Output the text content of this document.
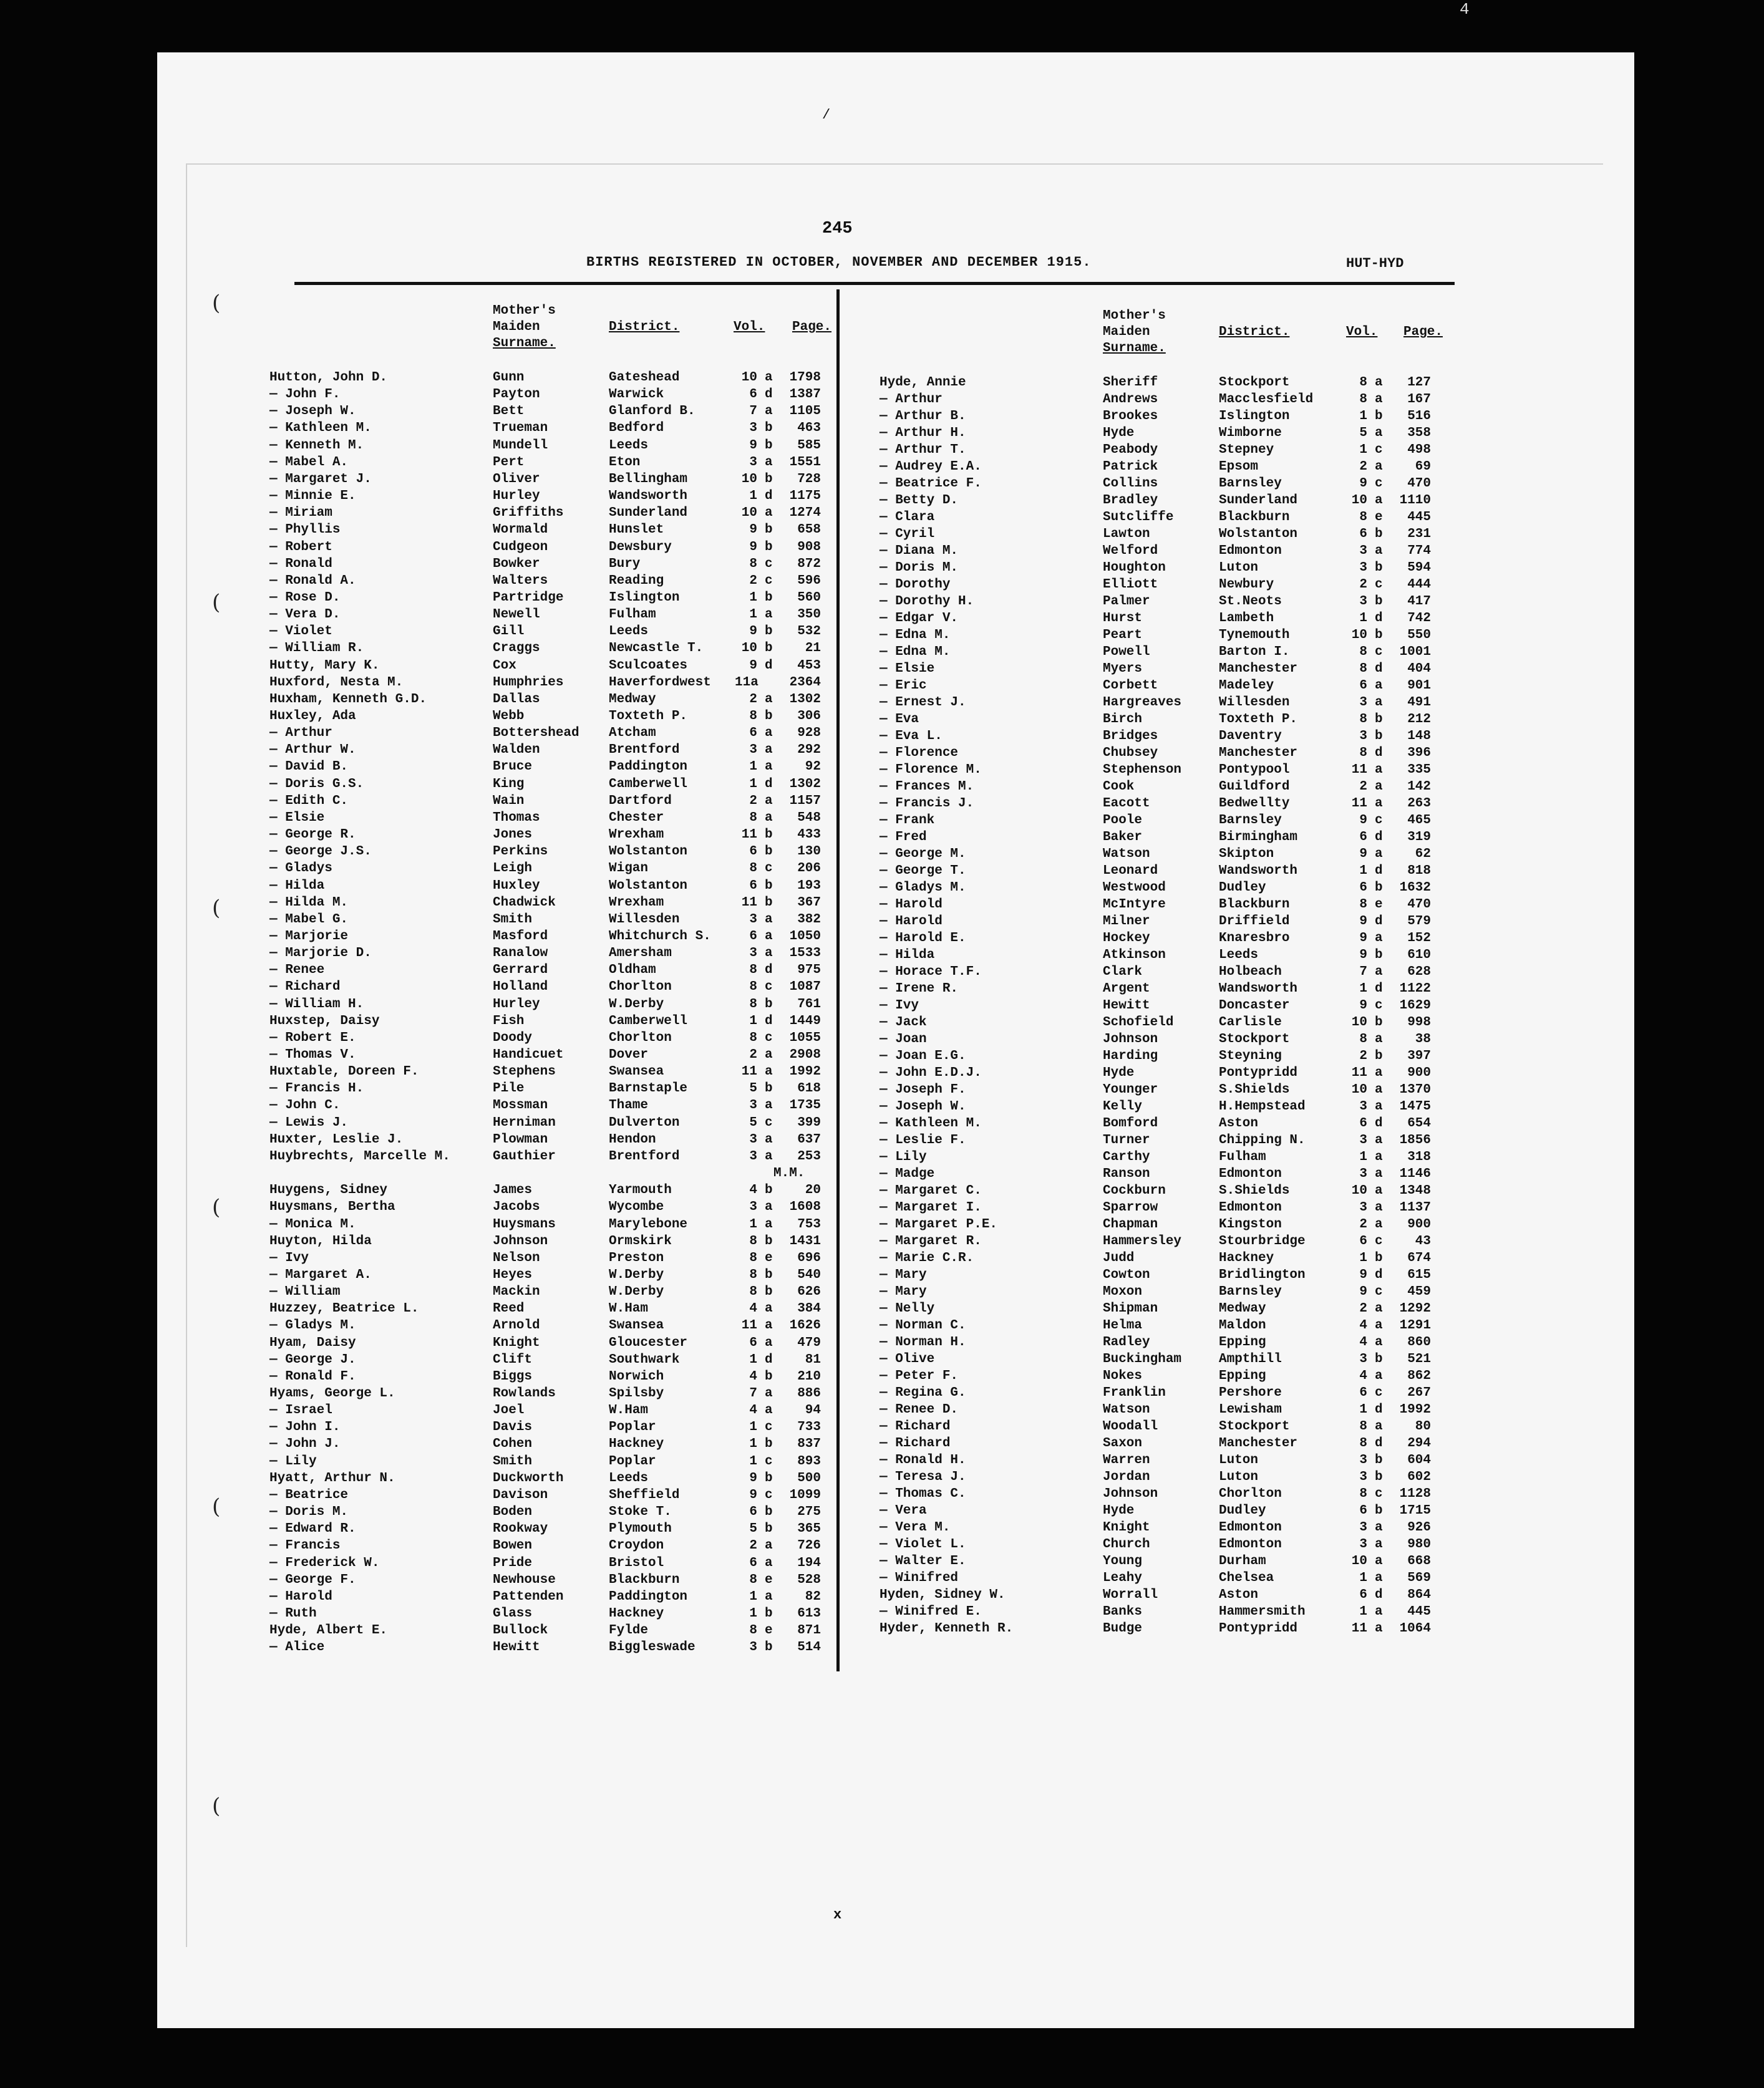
4
/
245
BIRTHS REGISTERED IN OCTOBER, NOVEMBER AND DECEMBER 1915.	HUT-HYD
(
(
(
(
(
(
Mother's
Maiden
Surname.
District.	Vol. Page.
Mother's
Maiden
Surname.
District.	Vol. Page.
Hutton, John D.	Gunn	Gateshead	10 a	1798
— John F.	Payton	Warwick	6 d	1387
— Joseph W.	Bett	Glanford B.	7 a	1105
— Kathleen M.	Trueman	Bedford	3 b	463
— Kenneth M.	Mundell	Leeds	9 b	585
— Mabel A.	Pert	Eton	3 a	1551
— Margaret J.	Oliver	Bellingham	10 b	728
— Minnie E.	Hurley	Wandsworth	1 d	1175
— Miriam	Griffiths	Sunderland	10 a	1274
— Phyllis	Wormald	Hunslet	9 b	658
— Robert	Cudgeon	Dewsbury	9 b	908
— Ronald	Bowker	Bury	8 c	872
— Ronald A.	Walters	Reading	2 c	596
— Rose D.	Partridge	Islington	1 b	560
— Vera D.	Newell	Fulham	1 a	350
— Violet	Gill	Leeds	9 b	532
— William R.	Craggs	Newcastle T.	10 b	21
Hutty, Mary K.	Cox	Sculcoates	9 d	453
Huxford, Nesta M.	Humphries	Haverfordwest 11a	2364
Huxham, Kenneth G.D.	Dallas	Medway	2 a	1302
Huxley, Ada	Webb	Toxteth P.	8 b	306
— Arthur	Bottershead Atcham	6 a	928
— Arthur W.	Walden	Brentford	3 a	292
— David B.	Bruce	Paddington	1 a	92
— Doris G.S.	King	Camberwell	1 d	1302
— Edith C.	Wain	Dartford	2 a	1157
— Elsie	Thomas	Chester	8 a	548
— George R.	Jones	Wrexham	11 b	433
— George J.S.	Perkins	Wolstanton	6 b	130
— Gladys	Leigh	Wigan	8 c	206
— Hilda	Huxley	Wolstanton	6 b	193
— Hilda M.	Chadwick	Wrexham	11 b	367
— Mabel G.	Smith	Willesden	3 a	382
— Marjorie	Masford	Whitchurch S.	6 a	1050
— Marjorie D.	Ranalow	Amersham	3 a	1533
— Renee	Gerrard	Oldham	8 d	975
— Richard	Holland	Chorlton	8 c	1087
— William H.	Hurley	W.Derby	8 b	761
Huxstep, Daisy	Fish	Camberwell	1 d	1449
— Robert E.	Doody	Chorlton	8 c	1055
— Thomas V.	Handicuet	Dover	2 a	2908
Huxtable, Doreen F.	Stephens	Swansea	11 a	1992
— Francis H.	Pile	Barnstaple	5 b	618
— John C.	Mossman	Thame	3 a	1735
— Lewis J.	Herniman	Dulverton	5 c	399
Huxter, Leslie J.	Plowman	Hendon	3 a	637
Huybrechts, Marcelle M.	Gauthier	Brentford	3 a	253
M.M.
Huygens, Sidney	James	Yarmouth	4 b	20
Huysmans, Bertha	Jacobs	Wycombe	3 a	1608
— Monica M.	Huysmans	Marylebone	1 a	753
Huyton, Hilda	Johnson	Ormskirk	8 b	1431
— Ivy	Nelson	Preston	8 e	696
— Margaret A.	Heyes	W.Derby	8 b	540
— William	Mackin	W.Derby	8 b	626
Huzzey, Beatrice L.	Reed	W.Ham	4 a	384
— Gladys M.	Arnold	Swansea	11 a	1626
Hyam, Daisy	Knight	Gloucester	6 a	479
— George J.	Clift	Southwark	1 d	81
— Ronald F.	Biggs	Norwich	4 b	210
Hyams, George L.	Rowlands	Spilsby	7 a	886
— Israel	Joel	W.Ham	4 a	94
— John I.	Davis	Poplar	1 c	733
— John J.	Cohen	Hackney	1 b	837
— Lily	Smith	Poplar	1 c	893
Hyatt, Arthur N.	Duckworth	Leeds	9 b	500
— Beatrice	Davison	Sheffield	9 c	1099
— Doris M.	Boden	Stoke T.	6 b	275
— Edward R.	Rookway	Plymouth	5 b	365
— Francis	Bowen	Croydon	2 a	726
— Frederick W.	Pride	Bristol	6 a	194
— George F.	Newhouse	Blackburn	8 e	528
— Harold	Pattenden	Paddington	1 a	82
— Ruth	Glass	Hackney	1 b	613
Hyde, Albert E.	Bullock	Fylde	8 e	871
— Alice	Hewitt	Biggleswade	3 b	514
Hyde, Annie	Sheriff	Stockport	8 a	127
— Arthur	Andrews	Macclesfield	8 a	167
— Arthur B.	Brookes	Islington	1 b	516
— Arthur H.	Hyde	Wimborne	5 a	358
— Arthur T.	Peabody	Stepney	1 c	498
— Audrey E.A.	Patrick	Epsom	2 a	69
— Beatrice F.	Collins	Barnsley	9 c	470
— Betty D.	Bradley	Sunderland	10 a	1110
— Clara	Sutcliffe	Blackburn	8 e	445
— Cyril	Lawton	Wolstanton	6 b	231
— Diana M.	Welford	Edmonton	3 a	774
— Doris M.	Houghton	Luton	3 b	594
— Dorothy	Elliott	Newbury	2 c	444
— Dorothy H.	Palmer	St.Neots	3 b	417
— Edgar V.	Hurst	Lambeth	1 d	742
— Edna M.	Peart	Tynemouth	10 b	550
— Edna M.	Powell	Barton I.	8 c	1001
— Elsie	Myers	Manchester	8 d	404
— Eric	Corbett	Madeley	6 a	901
— Ernest J.	Hargreaves	Willesden	3 a	491
— Eva	Birch	Toxteth P.	8 b	212
— Eva L.	Bridges	Daventry	3 b	148
— Florence	Chubsey	Manchester	8 d	396
— Florence M.	Stephenson	Pontypool	11 a	335
— Frances M.	Cook	Guildford	2 a	142
— Francis J.	Eacott	Bedwellty	11 a	263
— Frank	Poole	Barnsley	9 c	465
— Fred	Baker	Birmingham	6 d	319
— George M.	Watson	Skipton	9 a	62
— George T.	Leonard	Wandsworth	1 d	818
— Gladys M.	Westwood	Dudley	6 b	1632
— Harold	McIntyre	Blackburn	8 e	470
— Harold	Milner	Driffield	9 d	579
— Harold E.	Hockey	Knaresbro	9 a	152
— Hilda	Atkinson	Leeds	9 b	610
— Horace T.F.	Clark	Holbeach	7 a	628
— Irene R.	Argent	Wandsworth	1 d	1122
— Ivy	Hewitt	Doncaster	9 c	1629
— Jack	Schofield	Carlisle	10 b	998
— Joan	Johnson	Stockport	8 a	38
— Joan E.G.	Harding	Steyning	2 b	397
— John E.D.J.	Hyde	Pontypridd	11 a	900
— Joseph F.	Younger	S.Shields	10 a	1370
— Joseph W.	Kelly	H.Hempstead	3 a	1475
— Kathleen M.	Bomford	Aston	6 d	654
— Leslie F.	Turner	Chipping N.	3 a	1856
— Lily	Carthy	Fulham	1 a	318
— Madge	Ranson	Edmonton	3 a	1146
— Margaret C.	Cockburn	S.Shields	10 a	1348
— Margaret I.	Sparrow	Edmonton	3 a	1137
— Margaret P.E.	Chapman	Kingston	2 a	900
— Margaret R.	Hammersley	Stourbridge	6 c	43
— Marie C.R.	Judd	Hackney	1 b	674
— Mary	Cowton	Bridlington	9 d	615
— Mary	Moxon	Barnsley	9 c	459
— Nelly	Shipman	Medway	2 a	1292
— Norman C.	Helma	Maldon	4 a	1291
— Norman H.	Radley	Epping	4 a	860
— Olive	Buckingham	Ampthill	3 b	521
— Peter F.	Nokes	Epping	4 a	862
— Regina G.	Franklin	Pershore	6 c	267
— Renee D.	Watson	Lewisham	1 d	1992
— Richard	Woodall	Stockport	8 a	80
— Richard	Saxon	Manchester	8 d	294
— Ronald H.	Warren	Luton	3 b	604
— Teresa J.	Jordan	Luton	3 b	602
— Thomas C.	Johnson	Chorlton	8 c	1128
— Vera	Hyde	Dudley	6 b	1715
— Vera M.	Knight	Edmonton	3 a	926
— Violet L.	Church	Edmonton	3 a	980
— Walter E.	Young	Durham	10 a	668
— Winifred	Leahy	Chelsea	1 a	569
Hyden, Sidney W.	Worrall	Aston	6 d	864
— Winifred E.	Banks	Hammersmith	1 a	445
Hyder, Kenneth R.	Budge	Pontypridd	11 a	1064
x
